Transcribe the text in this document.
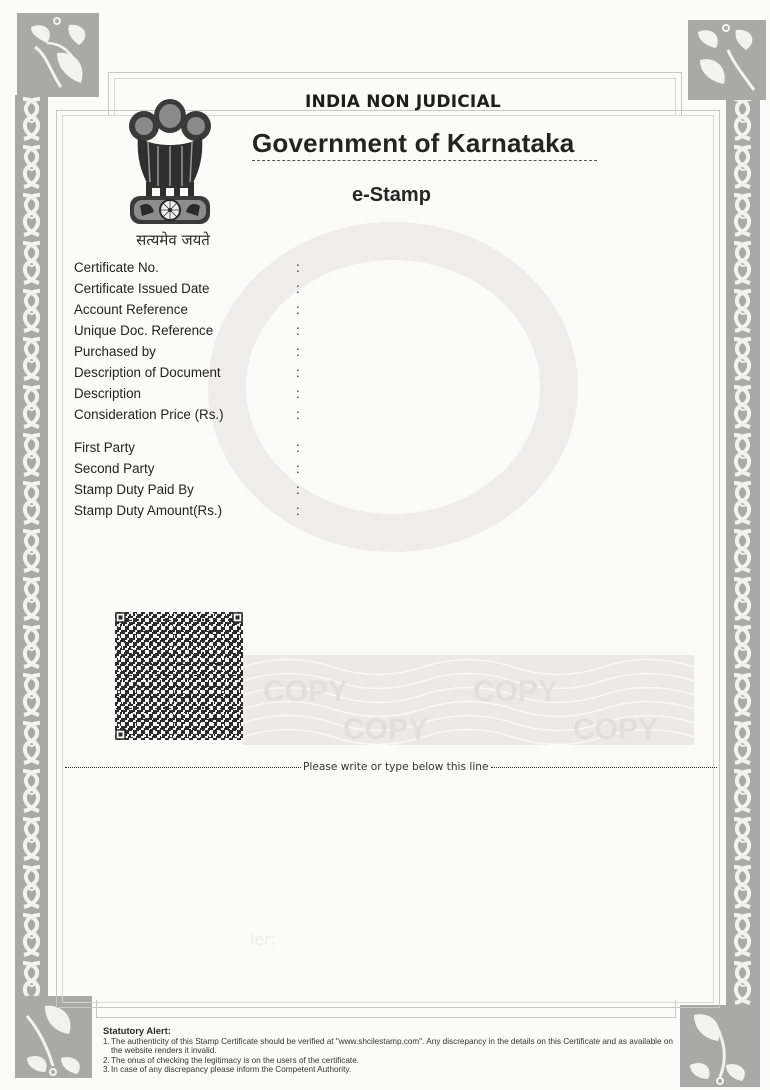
सत्यमेव जयते
INDIA NON JUDICIAL
Government of Karnataka
e-Stamp
Certificate No.	:
Certificate Issued Date	:
Account Reference	:
Unique Doc. Reference	:
Purchased by	:
Description of Document	:
Description	:
Consideration Price (Rs.)	:
First Party	:
Second Party	:
Stamp Duty Paid By	:
Stamp Duty Amount(Rs.)	:
COPY	COPY
COPY	COPY
Please write or type below this line
ier:
Statutory Alert:
1. The authenticity of this Stamp Certificate should be verified at "www.shcilestamp.com". Any discrepancy in the details on this Certificate and as available on the website renders it invalid.
2. The onus of checking the legitimacy is on the users of the certificate.
3. In case of any discrepancy please inform the Competent Authority.
